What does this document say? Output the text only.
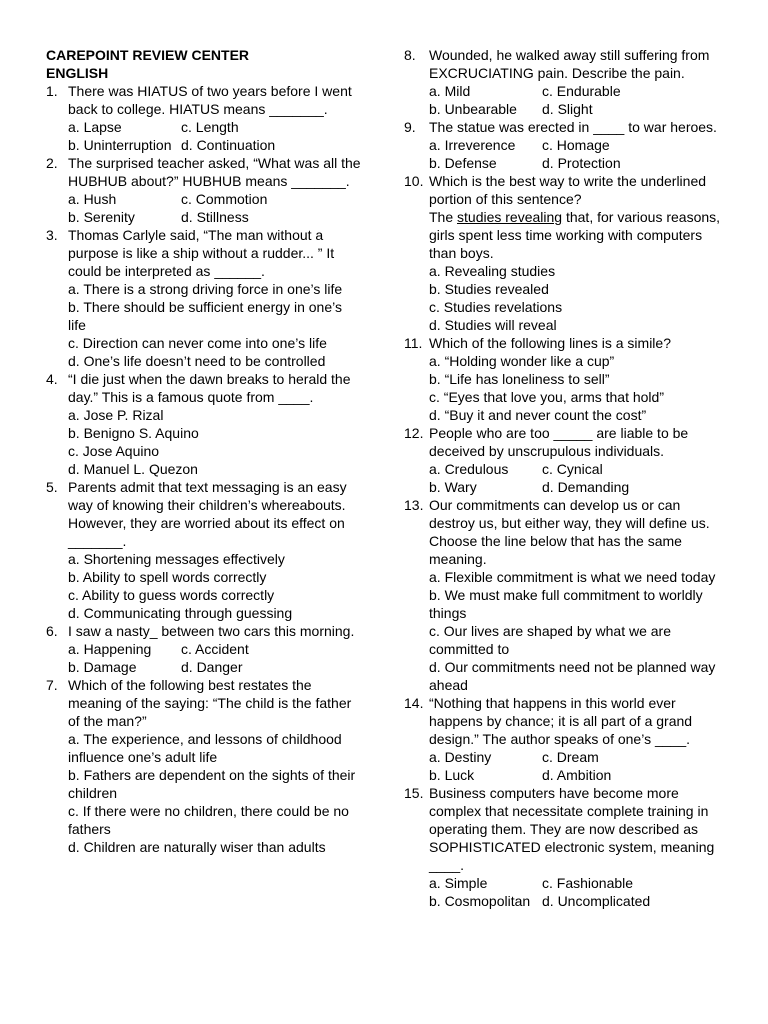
CAREPOINT REVIEW CENTER
ENGLISH
1. There was HIATUS of two years before I went back to college. HIATUS means _______.
a. Lapse	c. Length
b. Uninterruption d. Continuation
2. The surprised teacher asked, “What was all the HUBHUB about?” HUBHUB means _______.
a. Hush	c. Commotion
b. Serenity	d. Stillness
3. Thomas Carlyle said, “The man without a purpose is like a ship without a rudder... ” It could be interpreted as ______.
a. There is a strong driving force in one’s life
b. There should be sufficient energy in one’s life
c. Direction can never come into one’s life
d. One’s life doesn’t need to be controlled
4. “I die just when the dawn breaks to herald the day.” This is a famous quote from ____.
a. Jose P. Rizal
b. Benigno S. Aquino
c. Jose Aquino
d. Manuel L. Quezon
5. Parents admit that text messaging is an easy way of knowing their children’s whereabouts. However, they are worried about its effect on _______.
a. Shortening messages effectively
b. Ability to spell words correctly
c. Ability to guess words correctly
d. Communicating through guessing
6. I saw a nasty_ between two cars this morning.
a. Happening	c. Accident
b. Damage	d. Danger
7. Which of the following best restates the meaning of the saying: “The child is the father of the man?”
a. The experience, and lessons of childhood
influence one’s adult life
b. Fathers are dependent on the sights of their children
c. If there were no children, there could be no fathers
d. Children are naturally wiser than adults
8. Wounded, he walked away still suffering from EXCRUCIATING pain. Describe the pain.
a. Mild	c. Endurable
b. Unbearable	d. Slight
9. The statue was erected in ____ to war heroes.
a. Irreverence	c. Homage
b. Defense	d. Protection
10. Which is the best way to write the underlined portion of this sentence?
The studies revealing that, for various reasons, girls spent less time working with computers than boys.
a. Revealing studies
b. Studies revealed
c. Studies revelations
d. Studies will reveal
11. Which of the following lines is a simile?
a. “Holding wonder like a cup”
b. “Life has loneliness to sell”
c. “Eyes that love you, arms that hold”
d. “Buy it and never count the cost”
12. People who are too _____ are liable to be deceived by unscrupulous individuals.
a. Credulous	c. Cynical
b. Wary	d. Demanding
13. Our commitments can develop us or can destroy us, but either way, they will define us. Choose the line below that has the same meaning.
a. Flexible commitment is what we need today
b. We must make full commitment to worldly things
c. Our lives are shaped by what we are committed to
d. Our commitments need not be planned way ahead
14. “Nothing that happens in this world ever happens by chance; it is all part of a grand design.” The author speaks of one’s ____.
a. Destiny	c. Dream
b. Luck	d. Ambition
15. Business computers have become more complex that necessitate complete training in operating them. They are now described as SOPHISTICATED electronic system, meaning ____.
a. Simple	c. Fashionable
b. Cosmopolitan d. Uncomplicated
